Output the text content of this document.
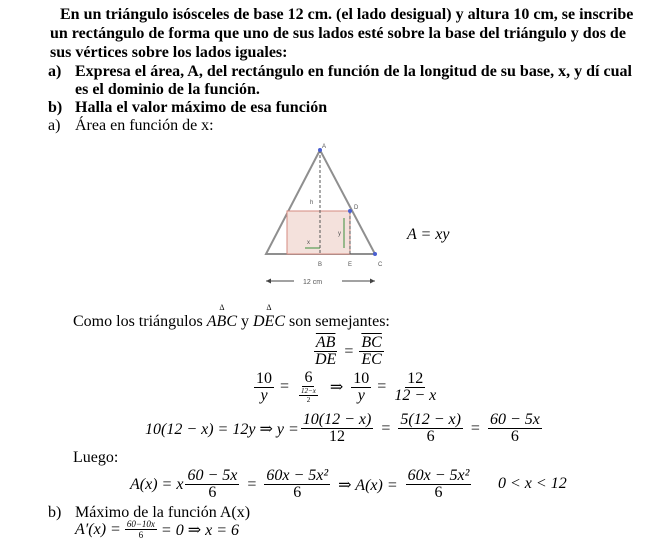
En un triángulo isósceles de base 12 cm. (el lado desigual) y altura 10 cm, se inscribe
un rectángulo de forma que uno de sus lados esté sobre la base del triángulo y dos de
sus vértices sobre los lados iguales:
a) Expresa el área, A, del rectángulo en función de la longitud de su base, x, y dí cual
es el dominio de la función.
b) Halla el valor máximo de esa función
a) Área en función de x:
A
D
C
B	E
h
x
y
12 cm
A = xy
Como los triángulos

Δ
ABC
y

Δ
DEC
son semejantes:
$\frac{\overline{AB}}{DE} = \frac{\overline{BC}}{EC}$
$\frac{10}{y} = \frac{6}{\frac{12-x}{2}}$ ⇒ $\frac{10}{y} = \frac{12}{12 - x}$
10(12 − x) = 12y ⇒ $y = \frac{10(12 - x)}{12} = \frac{5(12 - x)}{6} = \frac{60 - 5x}{6}$
Luego:
A(x) = x $\frac{60 - 5x}{6} = \frac{\text{60x − 5x²}}{6}$ ⇒ $A(x) = \frac{\text{60x − 5x²}}{6} 0 < x < 12$
b) Máximo de la función A(x)
$A'(x) = \frac{60-10x}{6} = 0$ ⇒ x = 6
